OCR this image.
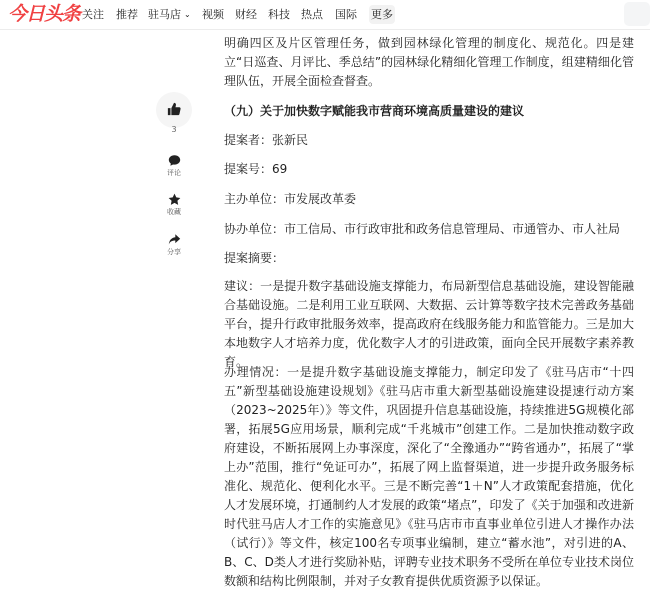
今日头条 关注 推荐 驻马店 ⌄ 视频 财经 科技 热点 国际 更多
3
评论
收藏
分享

明确四区及片区管理任务，做到园林绿化管理的制度化、规范化。四是建立“日巡查、月评比、季总结”的园林绿化精细化管理工作制度，组建精细化管理队伍，开展全面检查督查。

（九）关于加快数字赋能我市营商环境高质量建设的建议

提案者：张新民

提案号：69

主办单位：市发展改革委

协办单位：市工信局、市行政审批和政务信息管理局、市通管办、市人社局

提案摘要：

建议：一是提升数字基础设施支撑能力，布局新型信息基础设施，建设智能融合基础设施。二是利用工业互联网、大数据、云计算等数字技术完善政务基础平台，提升行政审批服务效率，提高政府在线服务能力和监管能力。三是加大本地数字人才培养力度，优化数字人才的引进政策，面向全民开展数字素养教育。

办理情况：一是提升数字基础设施支撑能力，制定印发了《驻马店市“十四五”新型基础设施建设规划》《驻马店市重大新型基础设施建设提速行动方案（2023~2025年）》等文件，巩固提升信息基础设施，持续推进5G规模化部署，拓展5G应用场景，顺利完成“千兆城市”创建工作。二是加快推动数字政府建设，不断拓展网上办事深度，深化了“全豫通办”“跨省通办”，拓展了“掌上办”范围，推行“免证可办”，拓展了网上监督渠道，进一步提升政务服务标准化、规范化、便利化水平。三是不断完善“1＋N”人才政策配套措施，优化人才发展环境，打通制约人才发展的政策“堵点”，印发了《关于加强和改进新时代驻马店人才工作的实施意见》《驻马店市市直事业单位引进人才操作办法（试行）》等文件，核定100名专项事业编制，建立“蓄水池”，对引进的A、B、C、D类人才进行奖励补贴，评聘专业技术职务不受所在单位专业技术岗位数额和结构比例限制，并对子女教育提供优质资源予以保证。
